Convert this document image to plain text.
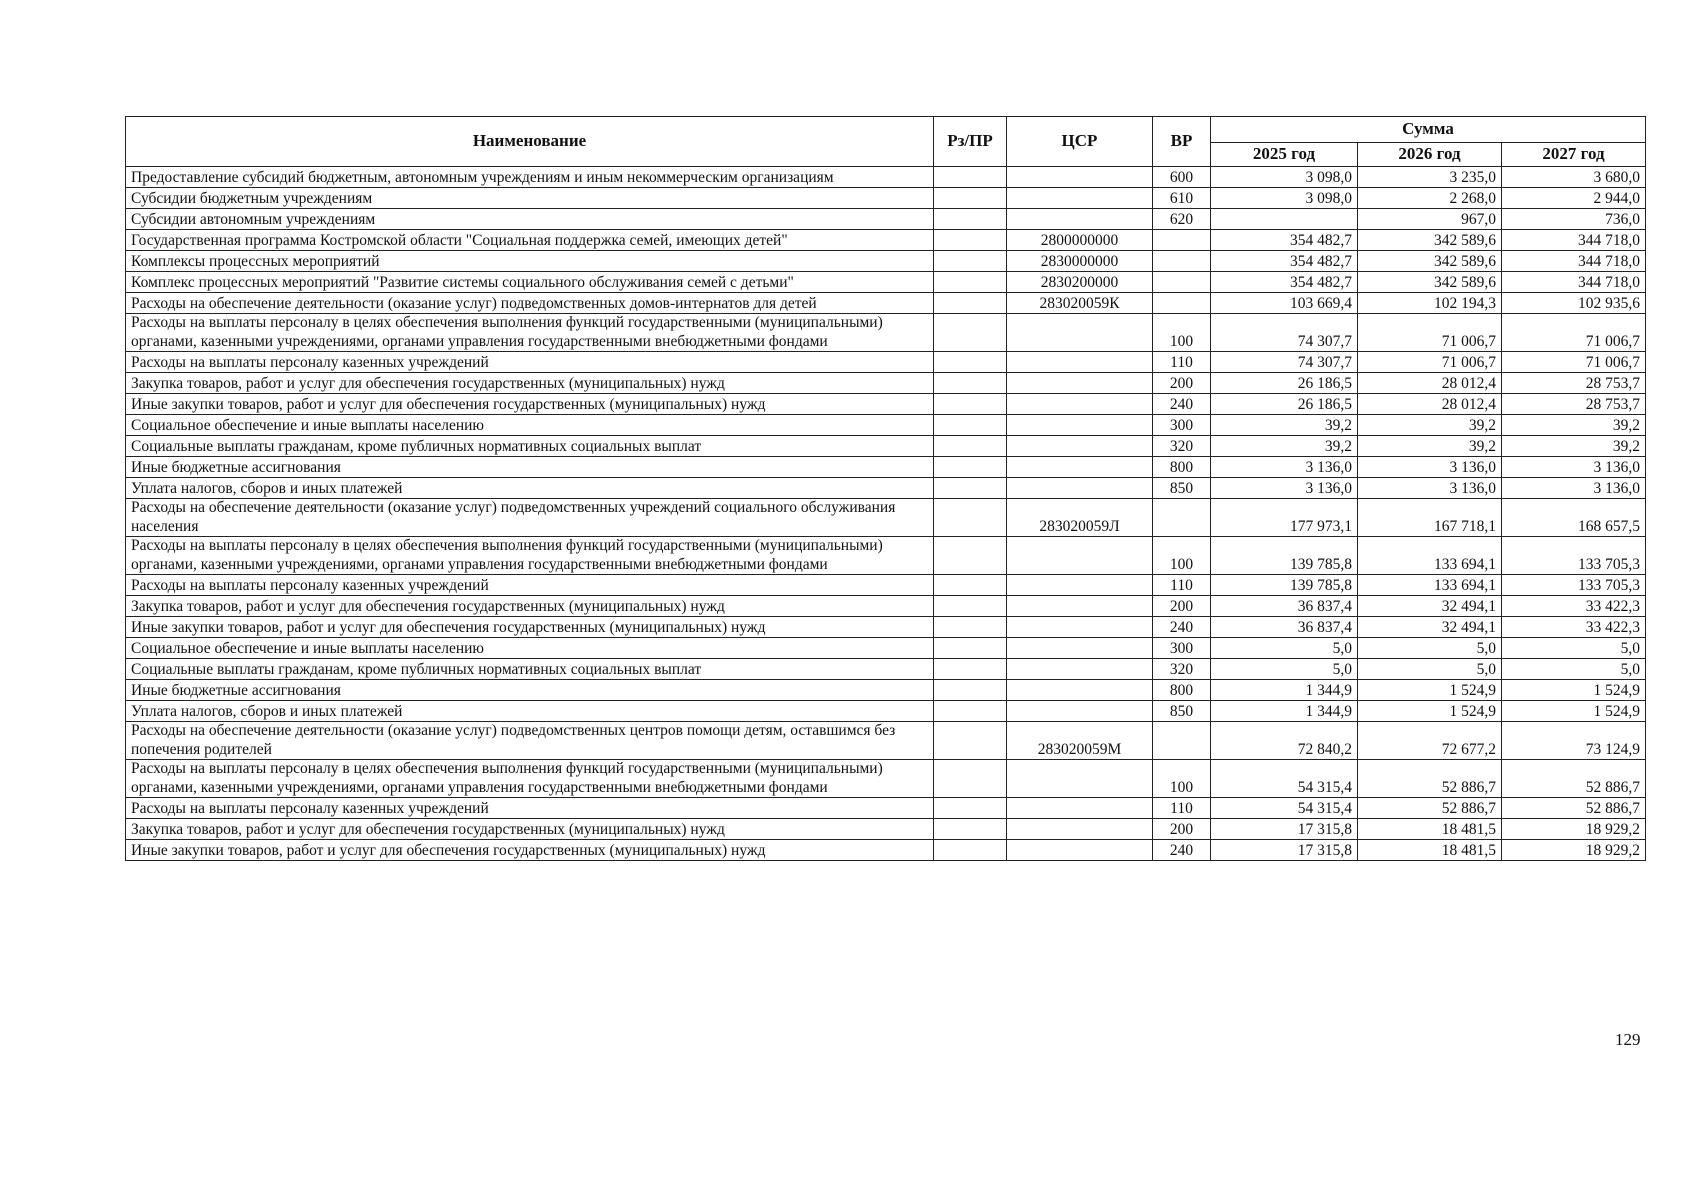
Наименование	Рз/ПР	ЦСР	ВР	Сумма		
				2025 год	2026 год	2027 год
Предоставление субсидий бюджетным, автономным учреждениям и иным некоммерческим организациям			600	3 098,0	3 235,0	3 680,0
Субсидии бюджетным учреждениям			610	3 098,0	2 268,0	2 944,0
Субсидии автономным учреждениям			620		967,0	736,0
Государственная программа Костромской области "Социальная поддержка семей, имеющих детей"		2800000000		354 482,7	342 589,6	344 718,0
Комплексы процессных мероприятий		2830000000		354 482,7	342 589,6	344 718,0
Комплекс процессных мероприятий "Развитие системы социального обслуживания семей с детьми"		2830200000		354 482,7	342 589,6	344 718,0
Расходы на обеспечение деятельности (оказание услуг) подведомственных домов-интернатов для детей		283020059К		103 669,4	102 194,3	102 935,6
Расходы на выплаты персоналу в целях обеспечения выполнения функций государственными (муниципальными) органами, казенными учреждениями, органами управления государственными внебюджетными фондами			100	74 307,7	71 006,7	71 006,7
Расходы на выплаты персоналу казенных учреждений			110	74 307,7	71 006,7	71 006,7
Закупка товаров, работ и услуг для обеспечения государственных (муниципальных) нужд			200	26 186,5	28 012,4	28 753,7
Иные закупки товаров, работ и услуг для обеспечения государственных (муниципальных) нужд			240	26 186,5	28 012,4	28 753,7
Социальное обеспечение и иные выплаты населению			300	39,2	39,2	39,2
Социальные выплаты гражданам, кроме публичных нормативных социальных выплат			320	39,2	39,2	39,2
Иные бюджетные ассигнования			800	3 136,0	3 136,0	3 136,0
Уплата налогов, сборов и иных платежей			850	3 136,0	3 136,0	3 136,0
Расходы на обеспечение деятельности (оказание услуг) подведомственных учреждений социального обслуживания населения		283020059Л		177 973,1	167 718,1	168 657,5
Расходы на выплаты персоналу в целях обеспечения выполнения функций государственными (муниципальными) органами, казенными учреждениями, органами управления государственными внебюджетными фондами			100	139 785,8	133 694,1	133 705,3
Расходы на выплаты персоналу казенных учреждений			110	139 785,8	133 694,1	133 705,3
Закупка товаров, работ и услуг для обеспечения государственных (муниципальных) нужд			200	36 837,4	32 494,1	33 422,3
Иные закупки товаров, работ и услуг для обеспечения государственных (муниципальных) нужд			240	36 837,4	32 494,1	33 422,3
Социальное обеспечение и иные выплаты населению			300	5,0	5,0	5,0
Социальные выплаты гражданам, кроме публичных нормативных социальных выплат			320	5,0	5,0	5,0
Иные бюджетные ассигнования			800	1 344,9	1 524,9	1 524,9
Уплата налогов, сборов и иных платежей			850	1 344,9	1 524,9	1 524,9
Расходы на обеспечение деятельности (оказание услуг) подведомственных центров помощи детям, оставшимся без попечения родителей		283020059М		72 840,2	72 677,2	73 124,9
Расходы на выплаты персоналу в целях обеспечения выполнения функций государственными (муниципальными) органами, казенными учреждениями, органами управления государственными внебюджетными фондами			100	54 315,4	52 886,7	52 886,7
Расходы на выплаты персоналу казенных учреждений			110	54 315,4	52 886,7	52 886,7
Закупка товаров, работ и услуг для обеспечения государственных (муниципальных) нужд			200	17 315,8	18 481,5	18 929,2
Иные закупки товаров, работ и услуг для обеспечения государственных (муниципальных) нужд			240	17 315,8	18 481,5	18 929,2
129
